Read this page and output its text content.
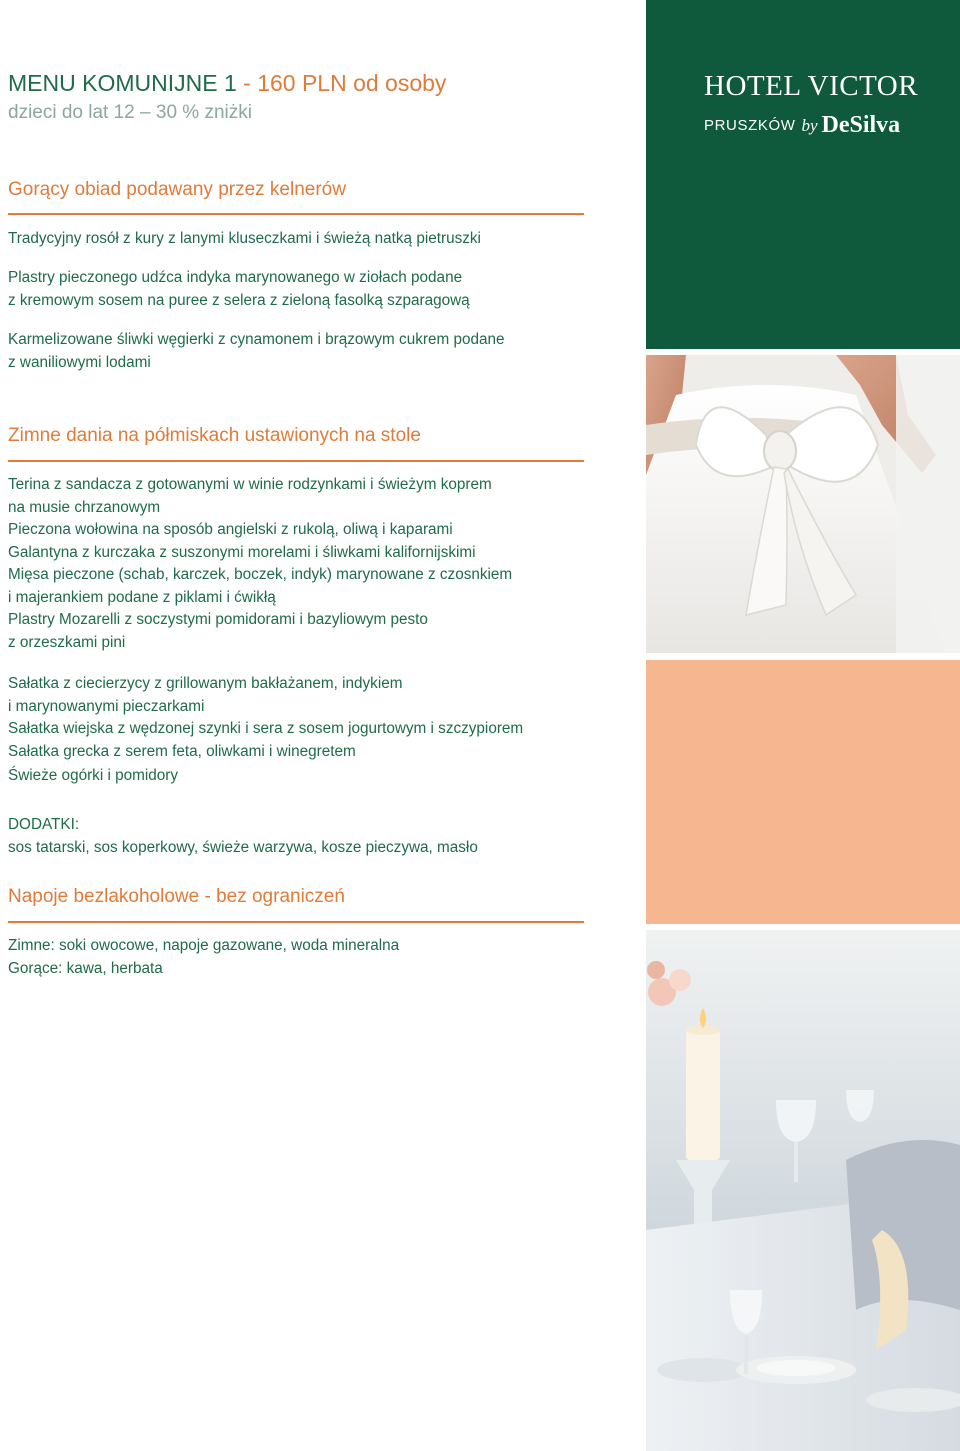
MENU KOMUNIJNE 1 - 160 PLN od osoby
dzieci do lat 12 – 30 % zniżki
Gorący obiad podawany przez kelnerów
Tradycyjny rosół z kury z lanymi kluseczkami i świeżą natką pietruszki
Plastry pieczonego udźca indyka marynowanego w ziołach podane
z kremowym sosem na puree z selera z zieloną fasolką szparagową
Karmelizowane śliwki węgierki z cynamonem i brązowym cukrem podane
z waniliowymi lodami
Zimne dania na półmiskach ustawionych na stole
Terina z sandacza z gotowanymi w winie rodzynkami i świeżym koprem
na musie chrzanowym
Pieczona wołowina na sposób angielski z rukolą, oliwą i kaparami
Galantyna z kurczaka z suszonymi morelami i śliwkami kalifornijskimi
Mięsa pieczone (schab, karczek, boczek, indyk) marynowane z czosnkiem
i majerankiem podane z piklami i ćwikłą
Plastry Mozarelli z soczystymi pomidorami i bazyliowym pesto
z orzeszkami pini
Sałatka z ciecierzycy z grillowanym bakłażanem, indykiem
i marynowanymi pieczarkami
Sałatka wiejska z wędzonej szynki i sera z sosem jogurtowym i szczypiorem
Sałatka grecka z serem feta, oliwkami i winegretem
Świeże ogórki i pomidory
DODATKI:
sos tatarski, sos koperkowy, świeże warzywa, kosze pieczywa, masło
Napoje bezlakoholowe - bez ograniczeń
Zimne: soki owocowe, napoje gazowane, woda mineralna
Gorące: kawa, herbata
HOTEL VICTOR
PRUSZKÓW by DeSilva
